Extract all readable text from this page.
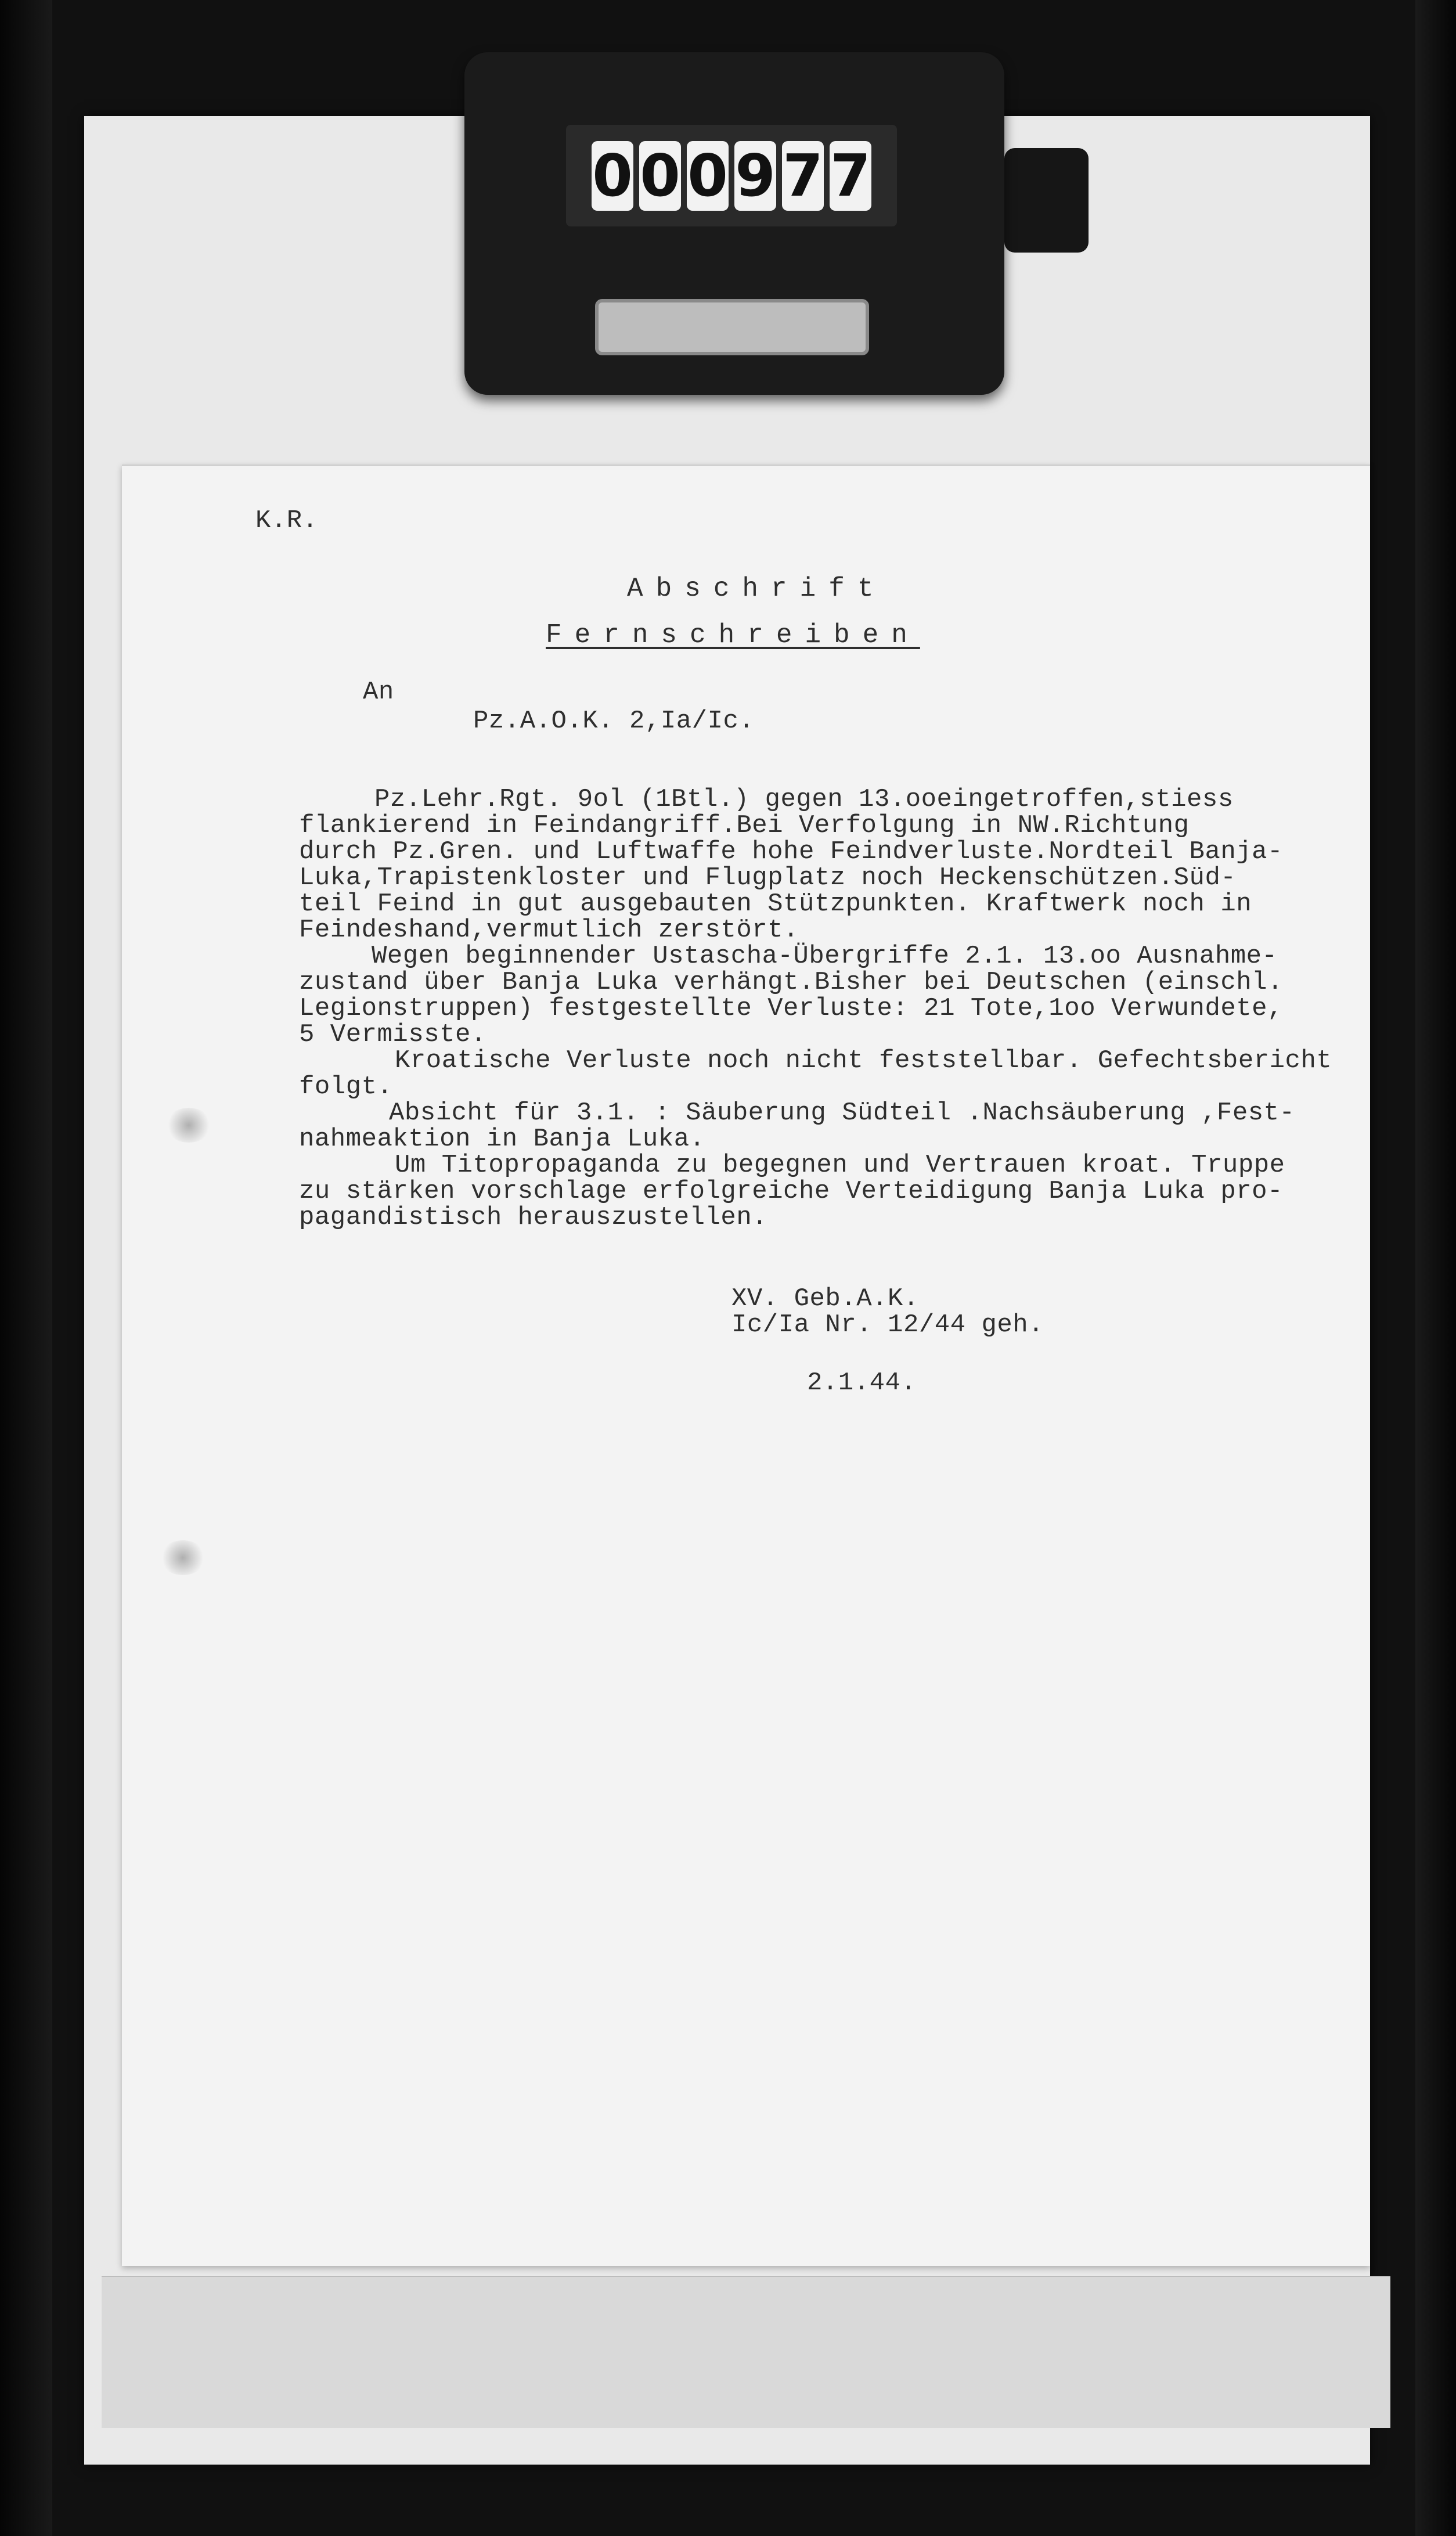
0 0 0 9 7 7
K.R.
Abschrift
Fernschreiben
An
Pz.A.O.K. 2,Ia/Ic.
Pz.Lehr.Rgt. 9ol (1Btl.) gegen 13.ooeingetroffen,stiess
flankierend in Feindangriff.Bei Verfolgung in NW.Richtung
durch Pz.Gren. und Luftwaffe hohe Feindverluste.Nordteil Banja-
Luka,Trapistenkloster und Flugplatz noch Heckenschützen.Süd-
teil Feind in gut ausgebauten Stützpunkten. Kraftwerk noch in
Feindeshand,vermutlich zerstört.
Wegen beginnender Ustascha-Übergriffe 2.1. 13.oo Ausnahme-
zustand über Banja Luka verhängt.Bisher bei Deutschen (einschl.
Legionstruppen) festgestellte Verluste: 21 Tote,1oo Verwundete,
5 Vermisste.
Kroatische Verluste noch nicht feststellbar. Gefechtsbericht
folgt.
Absicht für 3.1. : Säuberung Südteil .Nachsäuberung ,Fest-
nahmeaktion in Banja Luka.
Um Titopropaganda zu begegnen und Vertrauen kroat. Truppe
zu stärken vorschlage erfolgreiche Verteidigung Banja Luka pro-
pagandistisch herauszustellen.
XV. Geb.A.K.
Ic/Ia Nr. 12/44 geh.
2.1.44.
